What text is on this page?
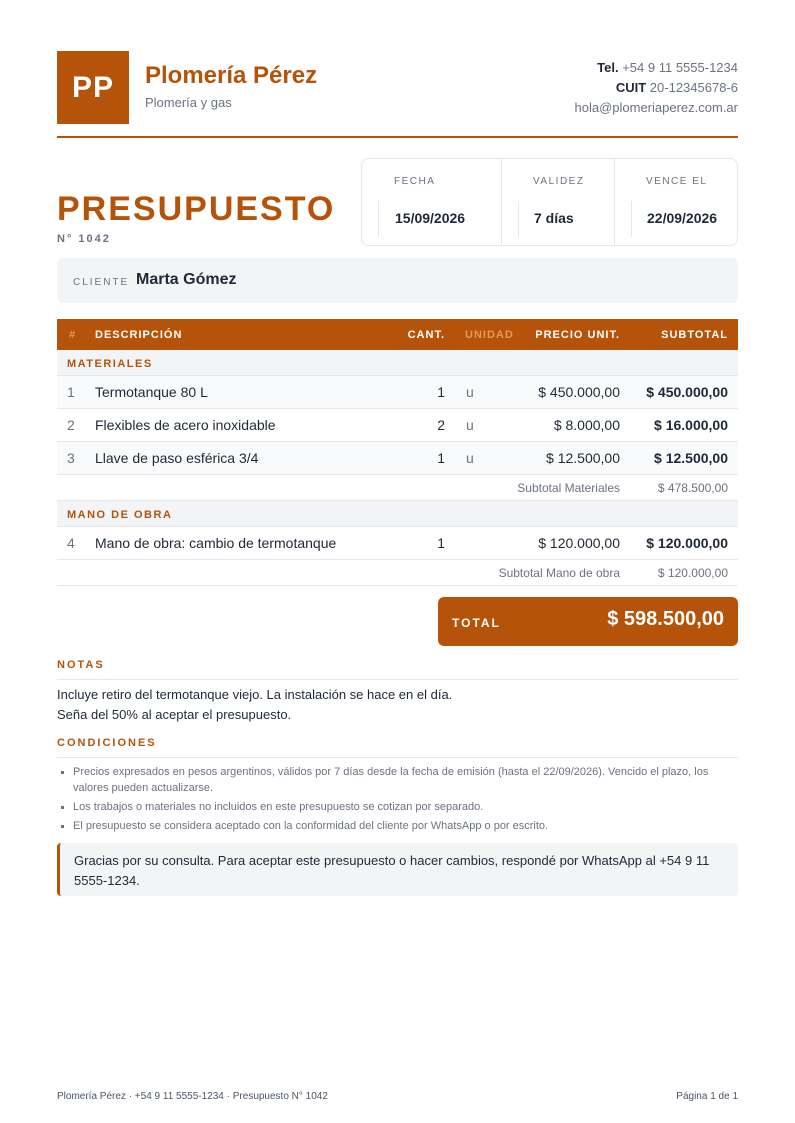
PP	Plomería Pérez
Plomería y gas
Tel. +54 9 11 5555-1234
CUIT 20-12345678-6
hola@plomeriaperez.com.ar
PRESUPUESTO
N° 1042
FECHA
15/09/2026
VALIDEZ
7 días
VENCE EL
22/09/2026
CLIENTE Marta Gómez
# DESCRIPCIÓN	CANT. UNIDAD PRECIO UNIT.	SUBTOTAL
MATERIALES
1 Termotanque 80 L	1 u	$ 450.000,00 $ 450.000,00
2 Flexibles de acero inoxidable	2 u	$ 8.000,00 $ 16.000,00
3 Llave de paso esférica 3/4	1 u	$ 12.500,00 $ 12.500,00
Subtotal Materiales	$ 478.500,00
MANO DE OBRA
4 Mano de obra: cambio de termotanque	1	$ 120.000,00 $ 120.000,00
Subtotal Mano de obra	$ 120.000,00
TOTAL	$ 598.500,00
NOTAS
Incluye retiro del termotanque viejo. La instalación se hace en el día.
Seña del 50% al aceptar el presupuesto.
CONDICIONES
Precios expresados en pesos argentinos, válidos por 7 días desde la fecha de emisión (hasta el 22/09/2026). Vencido el plazo, los valores pueden actualizarse.
Los trabajos o materiales no incluidos en este presupuesto se cotizan por separado.
El presupuesto se considera aceptado con la conformidad del cliente por WhatsApp o por escrito.
Gracias por su consulta. Para aceptar este presupuesto o hacer cambios, respondé por WhatsApp al +54 9 11 5555-1234.
Plomería Pérez · +54 9 11 5555-1234 · Presupuesto N° 1042	Página 1 de 1
